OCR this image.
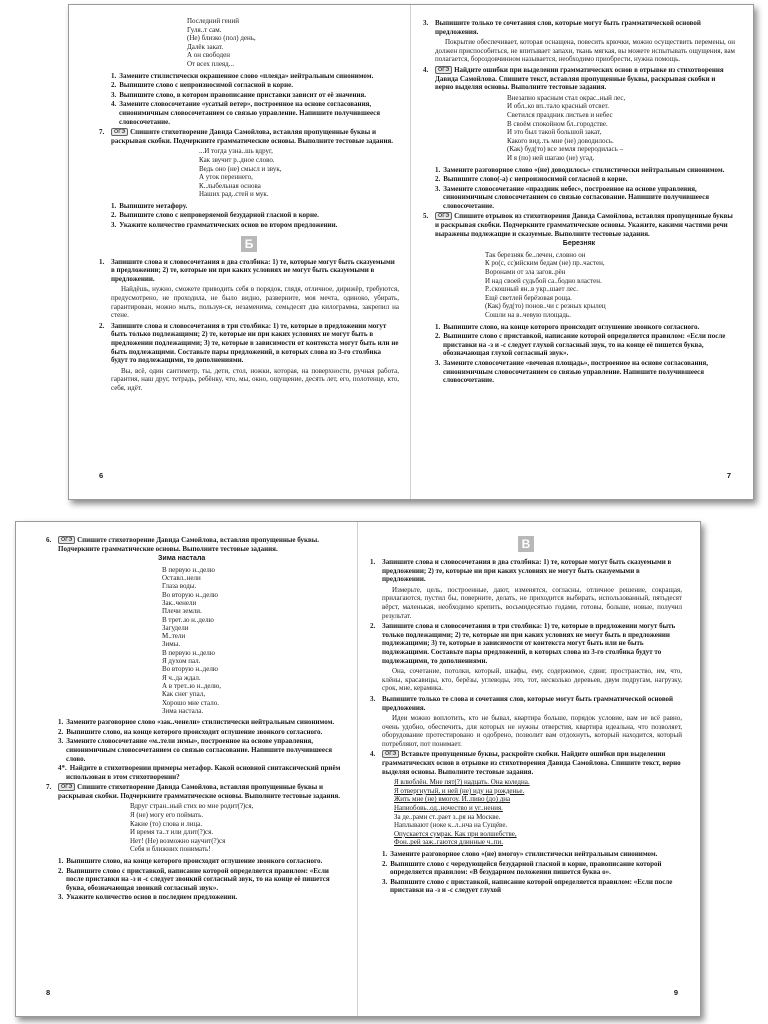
Последний гений
Гуля..т сам.
(Не) близко (пол) день,
Далёк закат.
А он свободен
От всех плеяд...
1. Замените стилистически окрашенное слово «плеяда» нейтральным синонимом.
2. Выпишите слово с непроизносимой согласной в корне.
3. Выпишите слово, в котором правописание приставки зависит от её значения.
4. Замените словосочетание «усатый ветер», построенное на основе согласования, синонимичным словосочетанием со связью управление. Напишите получившееся словосочетание.
7. ОГЭ Спишите стихотворение Давида Самойлова, вставляя пропущенные буквы и раскрывая скобки. Подчеркните грамматические основы. Выполните тестовые задания.
...И тогда узна..шь вдруг,
Как звучит р..дное слово.
Ведь оно (не) смысл и звук,
А уток переннего,
К..лыбельная основа
Наших рад..стей и мук.
1. Выпишите метафору.
2. Выпишите слово с непроверяемой безударной гласной в корне.
3. Укажите количество грамматических основ во втором предложении.
Б
1. Запишите слова и словосочетания в два столбика: 1) те, которые могут быть сказуемыми в предложении; 2) те, которые ни при каких условиях не могут быть сказуемыми в предложении.
Найдёшь, нужно, сможете приводить себя в порядок, глядя, отличное, дирижёр, требуются, предусмотрено, не проходила, не было видно, развернитe, моя мечта, одиноко, убирать, гарантирован, можно мыть, пользуя-ся, незаменима, семьдесят два килограмма, закрепил на стене.
2. Запишите слова и словосочетания в три столбика: 1) те, которые в предложении могут быть только подлежащими; 2) те, которые ни при каких условиях не могут быть в предложении подлежащими; 3) те, которые в зависимости от контекста могут быть или не быть подлежащими. Составьте пары предложений, в которых слова из 3-го столбика будут то подлежащими, то дополнениями.
Вы, всё, один сантиметр, ты, дети, стол, ножки, которая, на поверхности, ручная работа, гарантия, наш друг, тетрадь, ребёнку, что, мы, окно, ощущение, десять лет, его, полотенце, кто, себя, идёт.
6
3. Выпишите только те сочетания слов, которые могут быть грамматической основой предложения.
Покрытие обеспечивает, которая оснащена, повесить крючки, можно осуществить перемены, он должен приспособиться, не впитывает запахи, ткань мягкая, вы можете испытывать ощущения, вам полагается, бороздовчинном называется, необходимо приобрести, нужна помощь.
4. ОГЭ Найдите ошибки при выделении грамматических основ в отрывке из стихотворения Давида Самойлова. Спишите текст, вставляя пропущенные буквы, раскрывая скобки и верно выделяя основы. Выполните тестовые задания.
Внезапно красным стал окрас..ный лес,
И обл..ко вп..тало красный отсвет.
Светился праздник листьев и небес
В своём спокойном бл..городстве.
И это был такой большой закат,
Какого вид..ть мне (не) доводилось.
(Как) буд(то) все земля переродилась –
И я (по) ней шагаю (не) угад.
1. Замените разговорное слово «(не) доводилось» стилистически нейтральным синонимом.
2. Выпишите слово(-а) с непроизносимой согласной в корне.
3. Замените словосочетание «праздник небес», построенное на основе управления, синонимичным словосочетанием со связью согласование. Напишите получившееся словосочетание.
5. ОГЭ Спишите отрывок из стихотворения Давида Самойлова, вставляя пропущенные буквы и раскрывая скобки. Подчеркните грамматические основы. Укажите, какими частями речи выражены подлежащие и сказуемые. Выполните тестовые задания.
Березняк
Так березняк бе..лечен, словно он
К ро(с, сс)ийским бедам (не) пр..частен,
Воронами от зла загов..рён
И над своей судьбой са..бодно властен.
Р..скошный ян..в укр..шает лес.
Ещё светлей берёзовая роща.
(Как) буд(то) понов..чи с резных крылец
Сошли на в..чевую площадь.
1. Выпишите слово, на конце которого происходит оглушение звонкого согласного.
2. Выпишите слово с приставкой, написание которой определяется правилом: «Если после приставки на -з и -с следует глухой согласный звук, то на конце её пишется буква, обозначающая глухой согласный звук».
3. Замените словосочетание «вечевая площадь», построенное на основе согласования, синонимичным словосочетанием со связью управление. Напишите получившееся словосочетание.
7
6. ОГЭ Спишите стихотворение Давида Самойлова, вставляя пропущенные буквы. Подчеркните грамматические основы. Выполните тестовые задания.
Зима настала
В первую н..делю
Оставл..нели
Глаза воды.
Во вторую н..делю
Зак..ченели
Плечи земли.
В трет..ю н..делю
Загудели
М..тели
Зимы.
В первую н..делю
Я духом пал.
Во вторую н..делю
Я ч..да ждал.
А в трет..ю н..делю,
Как снег упал,
Хорошо мне стало.
Зима настала.
1. Замените разговорное слово «зак..ченели» стилистически нейтральным синонимом.
2. Выпишите слово, на конце которого происходит оглушение звонкого согласного.
3. Замените словосочетание «м..тели зимы», построенное на основе управления, синонимичным словосочетанием со связью согласование. Напишите получившееся слово.
4*. Найдите в стихотворении примеры метафор. Какой основной синтаксический приём использован в этом стихотворении?
7. ОГЭ Спишите стихотворение Давида Самойлова, вставляя пропущенные буквы и раскрывая скобки. Подчеркните грамматические основы. Выполните тестовые задания.
Вдруг стран..ный стих во мне родит(?)ся,
Я (не) могу его поймать.
Какие (то) слова и лица.
И время та..т или длит(?)ся.
Нет! (Не) возможно научит(?)ся
Себя и ближних понимать!
1. Выпишите слово, на конце которого происходит оглушение звонкого согласного.
2. Выпишите слово с приставкой, написание которой определяется правилом: «Если после приставки на -з и -с следует звонкий согласный звук, то на конце её пишется буква, обозначающая звонкий согласный звук».
3. Укажите количество основ в последнем предложении.
8
В
1. Запишите слова и словосочетания в два столбика: 1) те, которые могут быть сказуемыми в предложении; 2) те, которые ни при каких условиях не могут быть сказуемыми в предложении.
Измерьте, цель, построенные, дают, изменятся, согласны, отличное решение, сокращая, прилагаются, пустил бы, поверните, делать, не приходится выбирать, использованный, пятьдесят вёрст, маленькая, необходимо крепить, восьмидесятью годами, готовы, больше, новые, получил результат.
2. Запишите слова и словосочетания в три столбика: 1) те, которые в предложении могут быть только подлежащими; 2) те, которые ни при каких условиях не могут быть в предложении подлежащими; 3) те, которые в зависимости от контекста могут быть или не быть подлежащими. Составьте пары предложений, в которых слова из 3-го столбика будут то подлежащими, то дополнениями.
Она, сочетание, потолки, который, шкафы, ему, содержимое, сдвиг, пространство, им, что, клёны, красавицы, кто, берёзы, углеводы, это, тот, несколько деревьев, двум подругам, нагрузку, срок, мне, керамика.
3. Выпишите только те слова и сочетания слов, которые могут быть грамматической основой предложения.
Идеи можно воплотить, кто не бывал, квартира больше, порядок условие, вам не всё равно, очень удобно, обеспечить, для которых не нужны отверстия, квартира идеальна, что позволяет, оборудование протестировано и одобрено, позволит вам отдохнуть, который находится, который потребляют, пот понимает.
4. ОГЭ Вставьте пропущенные буквы, раскройте скобки. Найдите ошибки при выделении грамматических основ в отрывке из стихотворения Давида Самойлова. Спишите текст, верно выделяя основы. Выполните тестовые задания.
Я влюблён. Мне пят(?) надцать. Она коледна.
Я отвергнутый, и ней (не) иду на рожденье.
Жить мне (не) вмогоу. И..пиво (до) дна
Напиобовь..од..ночество и уг..нения.
За де..рами ст..рает з..ря на Москве.
Наплывают (ноке к..л..нча на Сущёве.
Опускается сумрак. Как при волшебстве,
Фон..рей заж..гаются длинные ч..пи.
1. Замените разговорное слово «(не) вмогоу» стилистически нейтральным синонимом.
2. Выпишите слово с чередующейся безударной гласной в корне, правописание которой определяется правилом: «В безударном положении пишется буква о».
3. Выпишите слово с приставкой, написание которой определяется правилом: «Если после приставки на -з и -с следует глухой
9
